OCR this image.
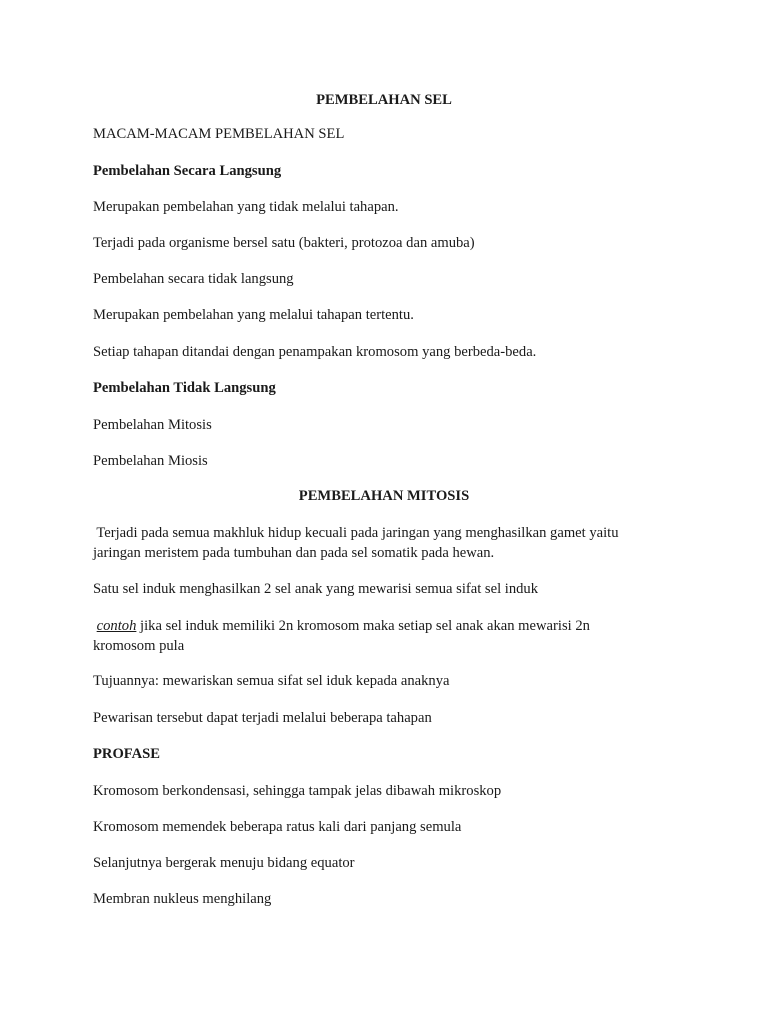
PEMBELAHAN SEL
MACAM-MACAM PEMBELAHAN SEL
Pembelahan Secara Langsung
Merupakan pembelahan yang tidak melalui tahapan.
Terjadi pada organisme bersel satu (bakteri, protozoa dan amuba)
Pembelahan secara tidak langsung
Merupakan pembelahan yang melalui tahapan tertentu.
Setiap tahapan ditandai dengan penampakan kromosom yang berbeda-beda.
Pembelahan Tidak Langsung
Pembelahan Mitosis
Pembelahan Miosis
PEMBELAHAN MITOSIS
Terjadi pada semua makhluk hidup kecuali pada jaringan yang menghasilkan gamet yaitu
jaringan meristem pada tumbuhan dan pada sel somatik pada hewan.
Satu sel induk menghasilkan 2 sel anak yang mewarisi semua sifat sel induk
contoh jika sel induk memiliki 2n kromosom maka setiap sel anak akan mewarisi 2n
kromosom pula
Tujuannya: mewariskan semua sifat sel iduk kepada anaknya
Pewarisan tersebut dapat terjadi melalui beberapa tahapan
PROFASE
Kromosom berkondensasi, sehingga tampak jelas dibawah mikroskop
Kromosom memendek beberapa ratus kali dari panjang semula
Selanjutnya bergerak menuju bidang equator
Membran nukleus menghilang
